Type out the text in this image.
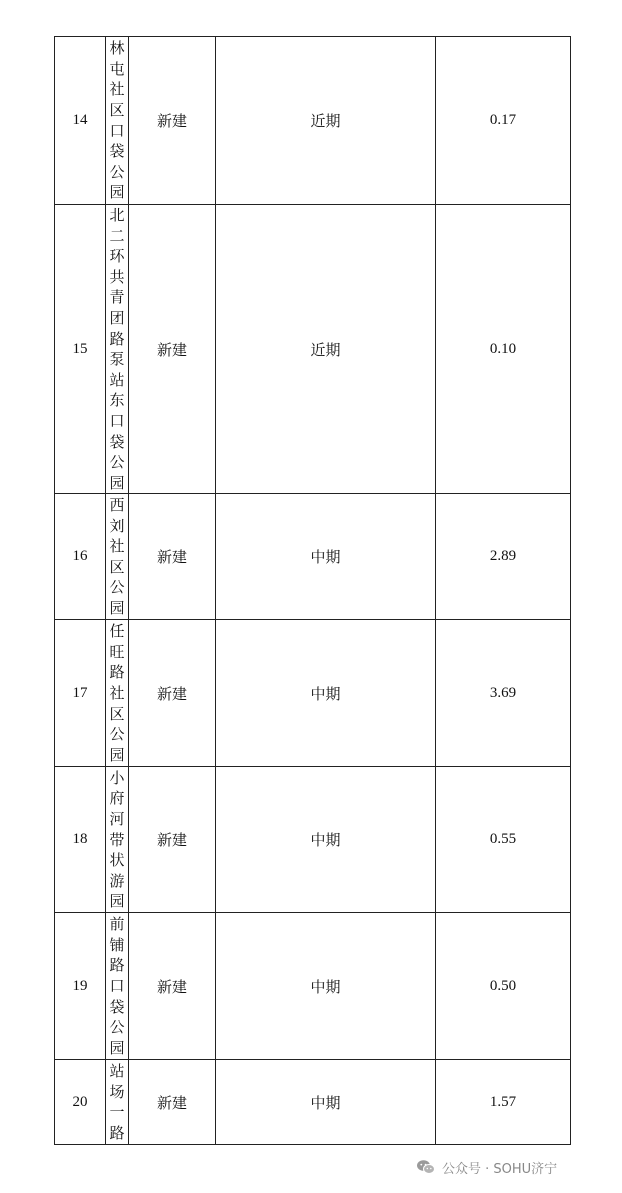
14	林屯社区口袋公园	新建	近期	0.17
15	北二环共青团路泵站东口袋公园	新建	近期	0.10
16	西刘社区公园	新建	中期	2.89
17	任旺路社区公园	新建	中期	3.69
18	小府河带状游园	新建	中期	0.55
19	前铺路口袋公园	新建	中期	0.50
20	站场一路	新建	中期	1.57
公众号 · SOHU济宁
